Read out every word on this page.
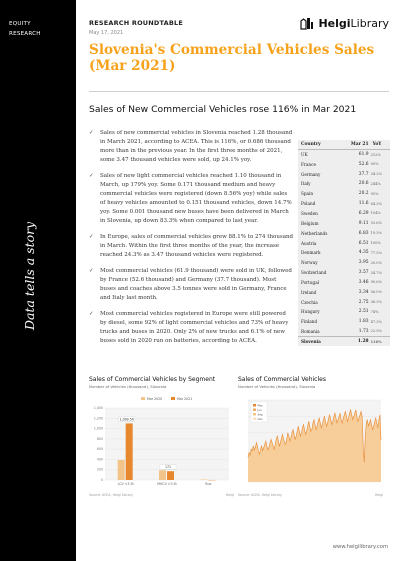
EQUITY
RESEARCH
Data tells a story
RESEARCH ROUNDTABLE
May 17, 2021
HelgiLibrary
Slovenia's Commercial Vehicles Sales (Mar 2021)
Sales of New Commercial Vehicles rose 116% in Mar 2021
✓ Sales of new commercial vehicles in Slovenia reached 1.28 thousand in March 2021, according to ACEA. This is 116%, or 0.686 thousand more than in the previous year. In the first three months of 2021, some 3.47 thousand vehicles were sold, up 24.1% yoy.
✓ Sales of new light commercial vehicles reached 1.10 thousand in March, up 179% yoy. Some 0.171 thousand medium and heavy commercial vehicles were registered (down 8.56% yoy) while sales of heavy vehicles amounted to 0.151 thousand vehicles, down 14.7% yoy. Some 0.001 thousand new buses have been delivered in March in Slovenia, up down 83.3% when compared to last year.
✓ In Europe, sales of commercial vehicles grew 88.1% to 274 thousand in March. Within the first three months of the year, the increase reached 24.3% as 3.47 thousand vehicles were registered.
✓ Most commercial vehicles (61.9 thousand) were sold in UK, followed by France (52.6 thousand) and Germany (37.7 thousand). Most buses and coaches above 3.5 tonnes were sold in Germany, France and Italy last month.
✓ Most commercial vehicles registered in Europe were still powered by diesel, some 92% of light commercial vehicles and 73% of heavy trucks and buses in 2020. Only 2% of new trucks and 6.1% of new buses sold in 2020 run on batteries, according to ACEA.
Country	Mar 21	YoY
UK	61.9	212%
France	52.6	95%
Germany	37.7	34.2%
Italy	20.6	244%
Spain	20.2	95%
Poland	11.6	64.3%
Sweden	6.29	104%
Belgium	9.11	92.6%
Netherlands	6.83	19.3%
Austria	6.51	100%
Denmark	4.35	77.5%
Norway	3.95	20.0%
Switzerland	3.57	34.7%
Portugal	3.46	90.6%
Ireland	3.34	56.0%
Czechia	2.75	36.3%
Hungary	2.51	74%
Finland	1.83	47.3%
Romania	1.73	22.9%
Slovenia	1.28	116%
Sales of Commercial Vehicles by Segment
Number of Vehicles (thousand), Slovenia
0
200
400
600
800
1,000
1,200
1,400
Mar 2020	Mar 2021
LCV <3.5t	MHCV >3.5t	Bus
1,099.50
171
Source: ACEA, Helgi Library	Helgi
Sales of Commercial Vehicles
Number of Vehicles (thousand), Slovenia
Mar
Jun
Sep
Dec
Source: ACEA, Helgi Library	Helgi
www.helgilibrary.com
